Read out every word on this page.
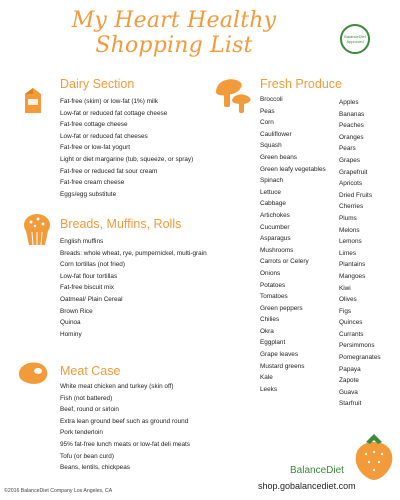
My Heart Healthy Shopping List	BalanceDiet Approved
Dairy Section
Fat-free (skim) or low-fat (1%) milk
Low-fat or reduced fat cottage cheese
Fat-free cottage cheese
Low-fat or reduced fat cheeses
Fat-free or low-fat yogurt
Light or diet margarine (tub, squeeze, or spray)
Fat-free or reduced fat sour cream
Fat-free cream cheese
Eggs/egg substitute
Breads, Muffins, Rolls
English muffins
Breads: whole wheat, rye, pumpernickel, multi-grain
Corn tortillas (not fried)
Low-fat flour tortillas
Fat-free biscuit mix
Oatmeal/ Plain Cereal
Brown Rice
Quinoa
Hominy
Meat Case
White meat chicken and turkey (skin off)
Fish (not battered)
Beef, round or sirloin
Extra lean ground beef such as ground round
Pork tenderloin
95% fat-free lunch meats or low-fat deli meats
Tofu (or bean curd)
Beans, lentils, chickpeas
Fresh Produce
Broccoli
Peas
Corn
Cauliflower
Squash
Green beans
Green leafy vegetables
Spinach
Lettuce
Cabbage
Artichokes
Cucumber
Asparagus
Mushrooms
Carrots or Celery
Onions
Potatoes
Tomatoes
Green peppers
Chilies
Okra
Eggplant
Grape leaves
Mustard greens
Kale
Leeks
Apples
Bananas
Peaches
Oranges
Pears
Grapes
Grapefruit
Apricots
Dried Fruits
Cherries
Plums
Melons
Lemons
Limes
Plantains
Mangoes
Kiwi
Olives
Figs
Quinces
Currants
Persimmons
Pomegranates
Papaya
Zapote
Guava
Starfruit
BalanceDiet
©2016 BalanceDiet Company Los Angeles, CA	shop.gobalancediet.com
